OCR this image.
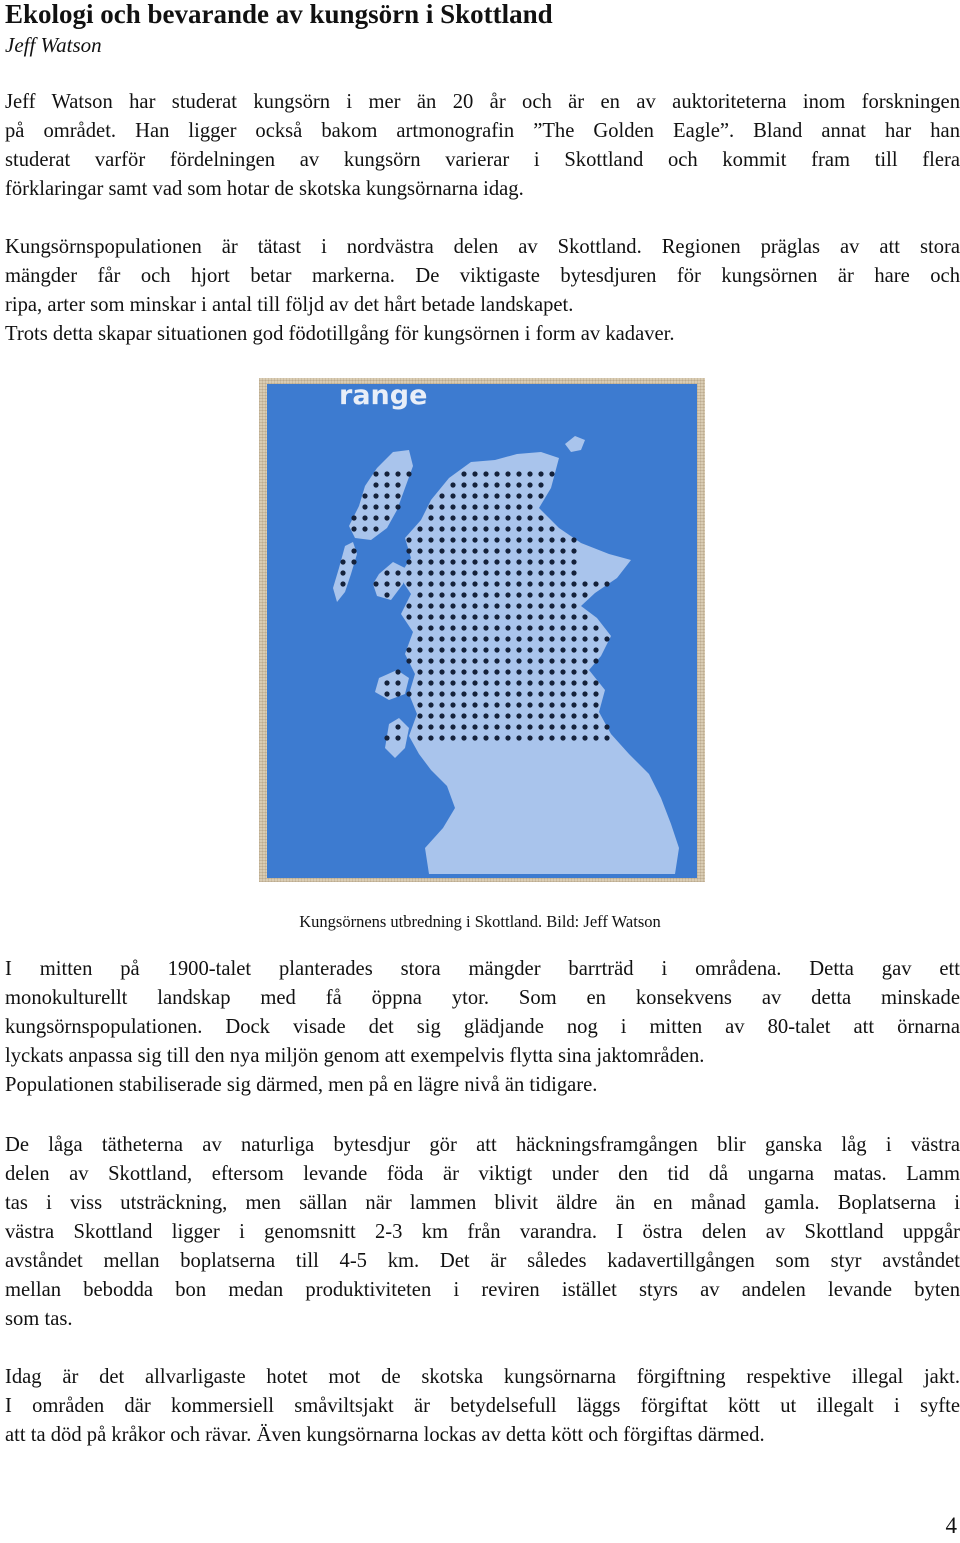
Ekologi och bevarande av kungsörn i Skottland
Jeff Watson
Jeff Watson har studerat kungsörn i mer än 20 år och är en av auktoriteterna inom forskningen
på området. Han ligger också bakom artmonografin ”The Golden Eagle”. Bland annat har han
studerat varför fördelningen av kungsörn varierar i Skottland och kommit fram till flera
förklaringar samt vad som hotar de skotska kungsörnarna idag.
Kungsörnspopulationen är tätast i nordvästra delen av Skottland. Regionen präglas av att stora
mängder får och hjort betar markerna. De viktigaste bytesdjuren för kungsörnen är hare och
ripa, arter som minskar i antal till följd av det hårt betade landskapet.
Trots detta skapar situationen god födotillgång för kungsörnen i form av kadaver.
range
Kungsörnens utbredning i Skottland. Bild: Jeff Watson
I mitten på 1900-talet planterades stora mängder barrträd i områdena. Detta gav ett
monokulturellt landskap med få öppna ytor. Som en konsekvens av detta minskade
kungsörnspopulationen. Dock visade det sig glädjande nog i mitten av 80-talet att örnarna
lyckats anpassa sig till den nya miljön genom att exempelvis flytta sina jaktområden.
Populationen stabiliserade sig därmed, men på en lägre nivå än tidigare.
De låga tätheterna av naturliga bytesdjur gör att häckningsframgången blir ganska låg i västra
delen av Skottland, eftersom levande föda är viktigt under den tid då ungarna matas. Lamm
tas i viss utsträckning, men sällan när lammen blivit äldre än en månad gamla. Boplatserna i
västra Skottland ligger i genomsnitt 2-3 km från varandra. I östra delen av Skottland uppgår
avståndet mellan boplatserna till 4-5 km. Det är således kadavertillgången som styr avståndet
mellan bebodda bon medan produktiviteten i reviren istället styrs av andelen levande byten
som tas.
Idag är det allvarligaste hotet mot de skotska kungsörnarna förgiftning respektive illegal jakt.
I områden där kommersiell småviltsjakt är betydelsefull läggs förgiftat kött ut illegalt i syfte
att ta död på kråkor och rävar. Även kungsörnarna lockas av detta kött och förgiftas därmed.
4
